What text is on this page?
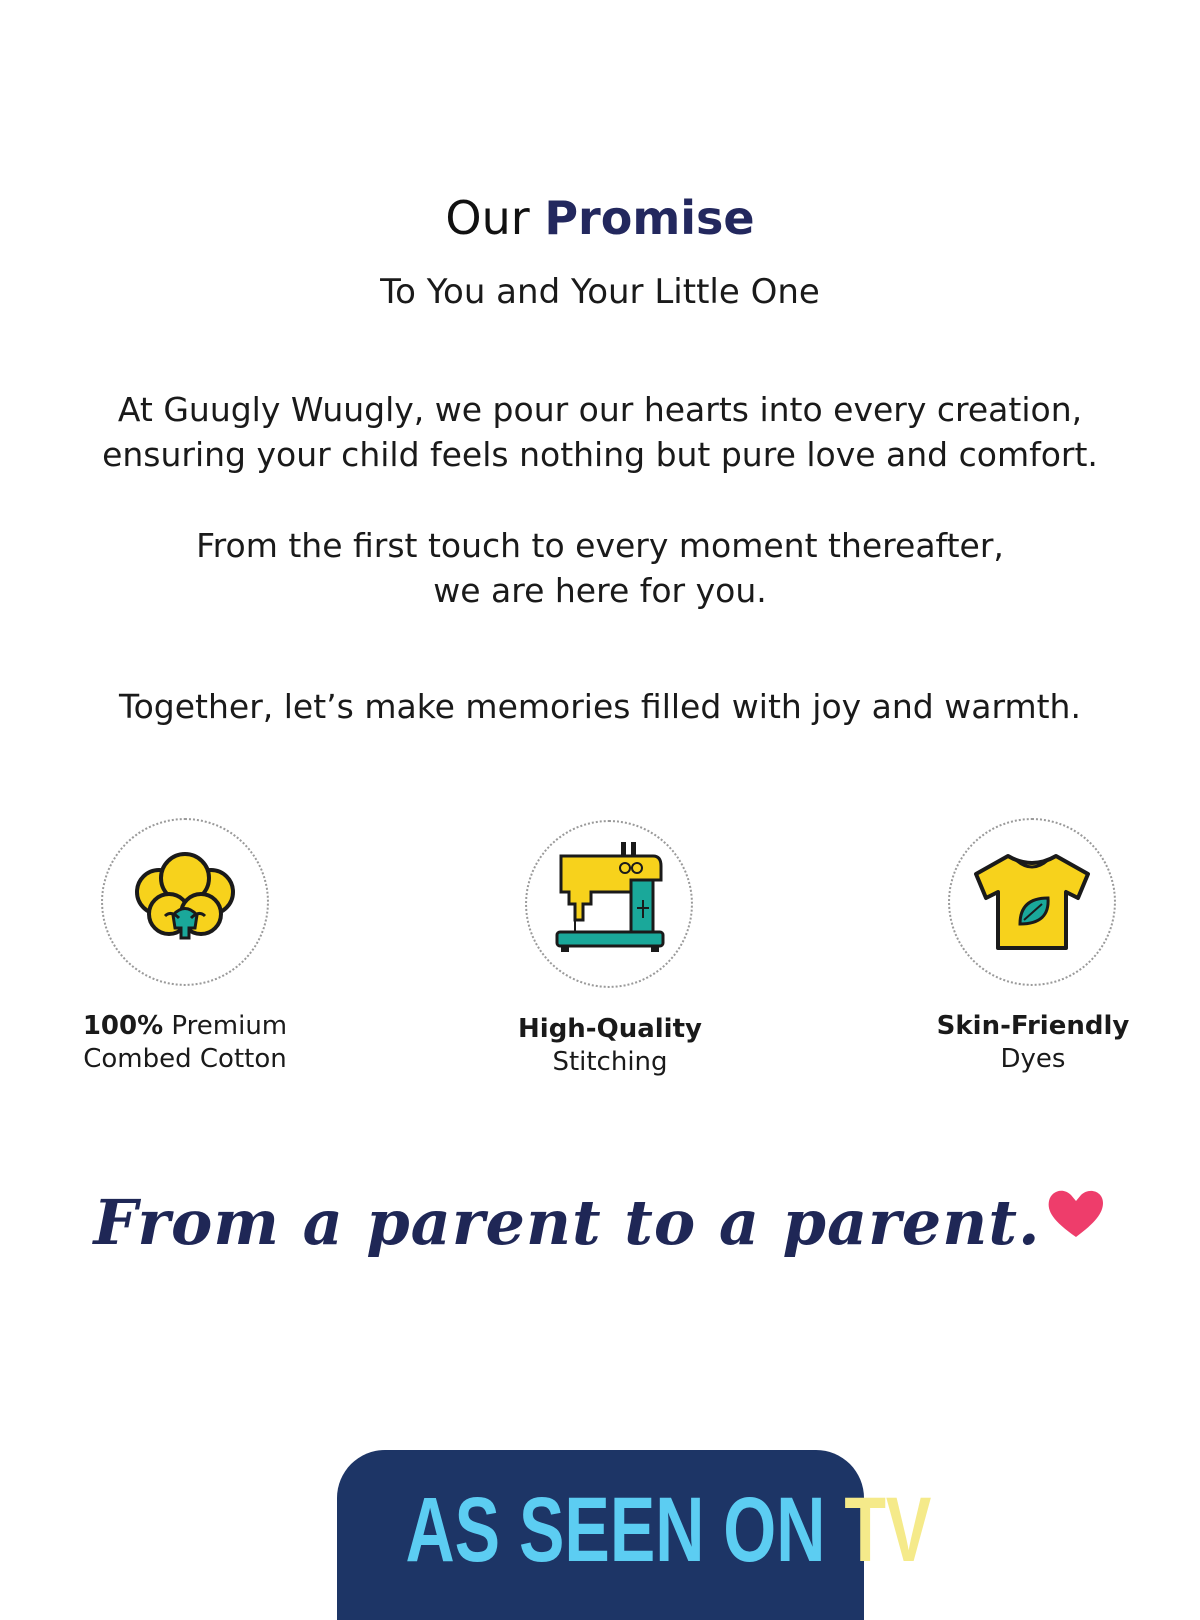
Our Promise
To You and Your Little One
At Guugly Wuugly, we pour our hearts into every creation,
ensuring your child feels nothing but pure love and comfort.
From the first touch to every moment thereafter,
we are here for you.
Together, let’s make memories filled with joy and warmth.
100% Premium
Combed Cotton
High-Quality
Stitching
Skin-Friendly
Dyes
From a parent to a parent.
AS SEEN ON TV
